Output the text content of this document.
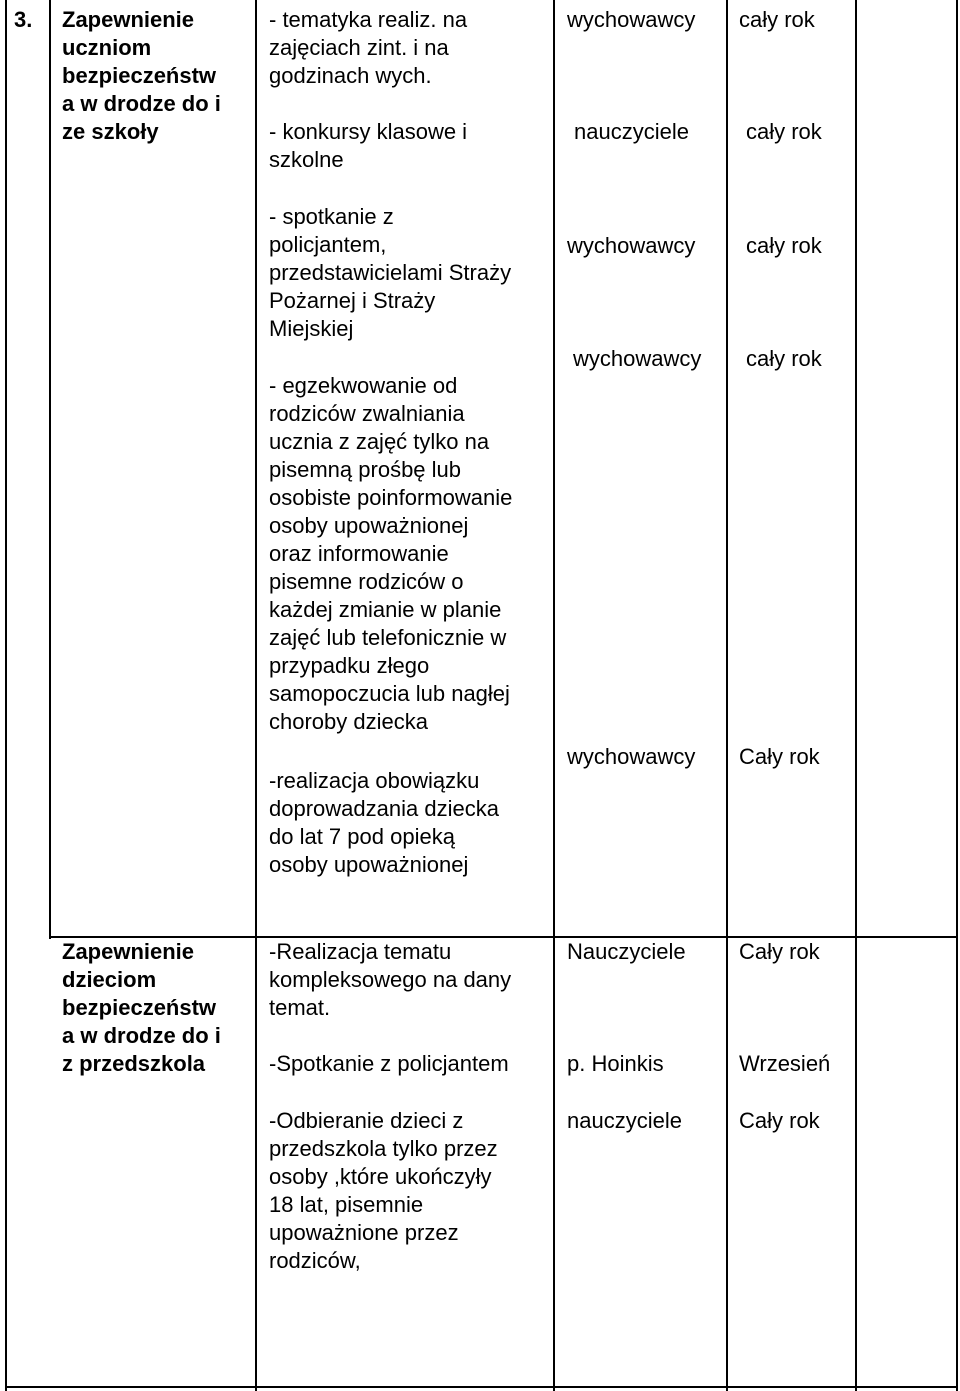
3. Zapewnienie
uczniom
bezpieczeństw
a w drodze do i
ze szkoły
- tematyka realiz. na
zajęciach zint. i na
godzinach wych.
- konkursy klasowe i
szkolne
- spotkanie z
policjantem,
przedstawicielami Straży
Pożarnej i Straży
Miejskiej
- egzekwowanie od
rodziców zwalniania
ucznia z zajęć tylko na
pisemną prośbę lub
osobiste poinformowanie
osoby upoważnionej
oraz informowanie
pisemne rodziców o
każdej zmianie w planie
zajęć lub telefonicznie w
przypadku złego
samopoczucia lub nagłej
choroby dziecka
-realizacja obowiązku
doprowadzania dziecka
do lat 7 pod opieką
osoby upoważnionej
wychowawcy
nauczyciele
wychowawcy
wychowawcy
wychowawcy
cały rok
cały rok
cały rok
cały rok
Cały rok
Zapewnienie
dzieciom
bezpieczeństw
a w drodze do i
z przedszkola
-Realizacja tematu
kompleksowego na dany
temat.
-Spotkanie z policjantem
-Odbieranie dzieci z
przedszkola tylko przez
osoby ,które ukończyły
18 lat, pisemnie
upoważnione przez
rodziców,
Nauczyciele
p. Hoinkis
nauczyciele
Cały rok
Wrzesień
Cały rok
